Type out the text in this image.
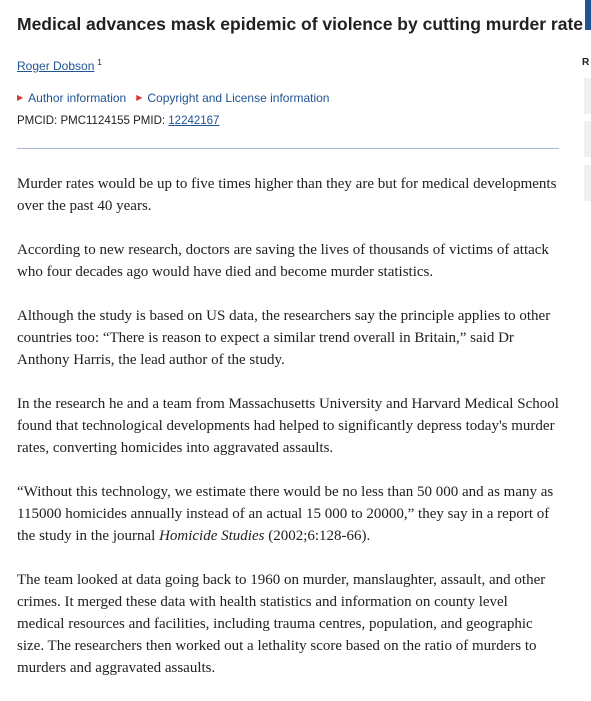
Medical advances mask epidemic of violence by cutting murder rate
Roger Dobson $^1$
▶ Author information ▶ Copyright and License information
PMCID: PMC1124155 PMID: 12242167

Murder rates would be up to five times higher than they are but for medical developments over the past 40 years.

According to new research, doctors are saving the lives of thousands of victims of attack who four decades ago would have died and become murder statistics.

Although the study is based on US data, the researchers say the principle applies to other countries too: “There is reason to expect a similar trend overall in Britain,” said Dr Anthony Harris, the lead author of the study.

In the research he and a team from Massachusetts University and Harvard Medical School found that technological developments had helped to significantly depress today's murder rates, converting homicides into aggravated assaults.

“Without this technology, we estimate there would be no less than 50 000 and as many as 115000 homicides annually instead of an actual 15 000 to 20000,” they say in a report of the study in the journal Homicide Studies (2002;6:128-66).

The team looked at data going back to 1960 on murder, manslaughter, assault, and other crimes. It merged these data with health statistics and information on county level medical resources and facilities, including trauma centres, population, and geographic size. The researchers then worked out a lethality score based on the ratio of murders to murders and aggravated assaults.

R
